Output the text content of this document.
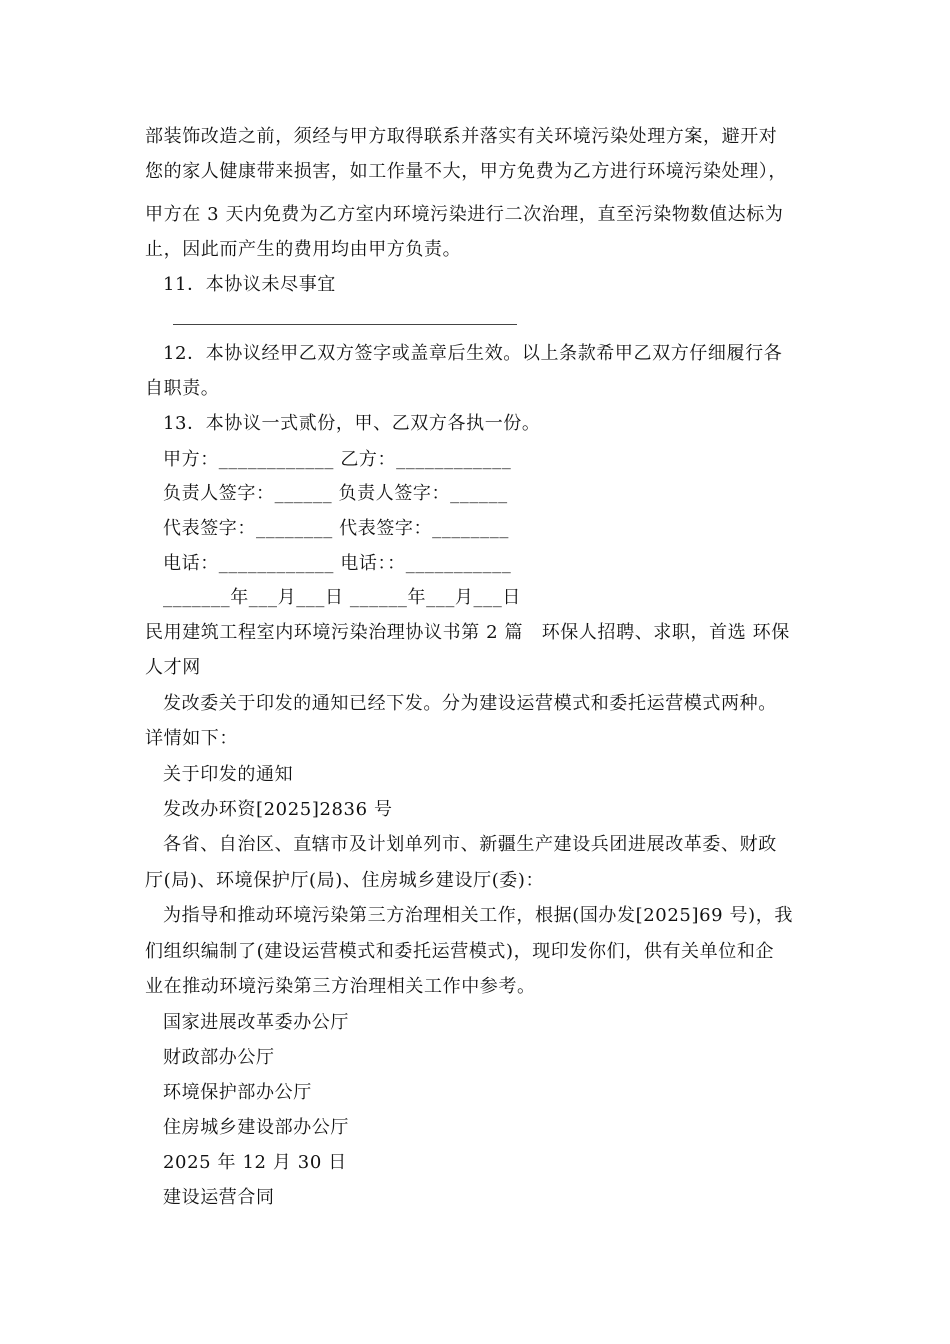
部装饰改造之前，须经与甲方取得联系并落实有关环境污染处理方案，避开对
您的家人健康带来损害，如工作量不大，甲方免费为乙方进行环境污染处理），
甲方在 3 天内免费为乙方室内环境污染进行二次治理，直至污染物数值达标为
止，因此而产生的费用均由甲方负责。
11．本协议未尽事宜
12．本协议经甲乙双方签字或盖章后生效。以上条款希甲乙双方仔细履行各
自职责。
13．本协议一式贰份，甲、乙双方各执一份。
甲方：____________ 乙方：____________
负责人签字：______ 负责人签字：______
代表签字：________ 代表签字：________
电话：____________ 电话：：___________
_______年___月___日 ______年___月___日
民用建筑工程室内环境污染治理协议书第 2 篇　环保人招聘、求职，首选 环保
人才网
发改委关于印发的通知已经下发。分为建设运营模式和委托运营模式两种。
详情如下：
关于印发的通知
发改办环资[2025]2836 号
各省、自治区、直辖市及计划单列市、新疆生产建设兵团进展改革委、财政
厅(局)、环境保护厅(局)、住房城乡建设厅(委)：
为指导和推动环境污染第三方治理相关工作，根据(国办发[2025]69 号)，我
们组织编制了(建设运营模式和委托运营模式)，现印发你们，供有关单位和企
业在推动环境污染第三方治理相关工作中参考。
国家进展改革委办公厅
财政部办公厅
环境保护部办公厅
住房城乡建设部办公厅
2025 年 12 月 30 日
建设运营合同
